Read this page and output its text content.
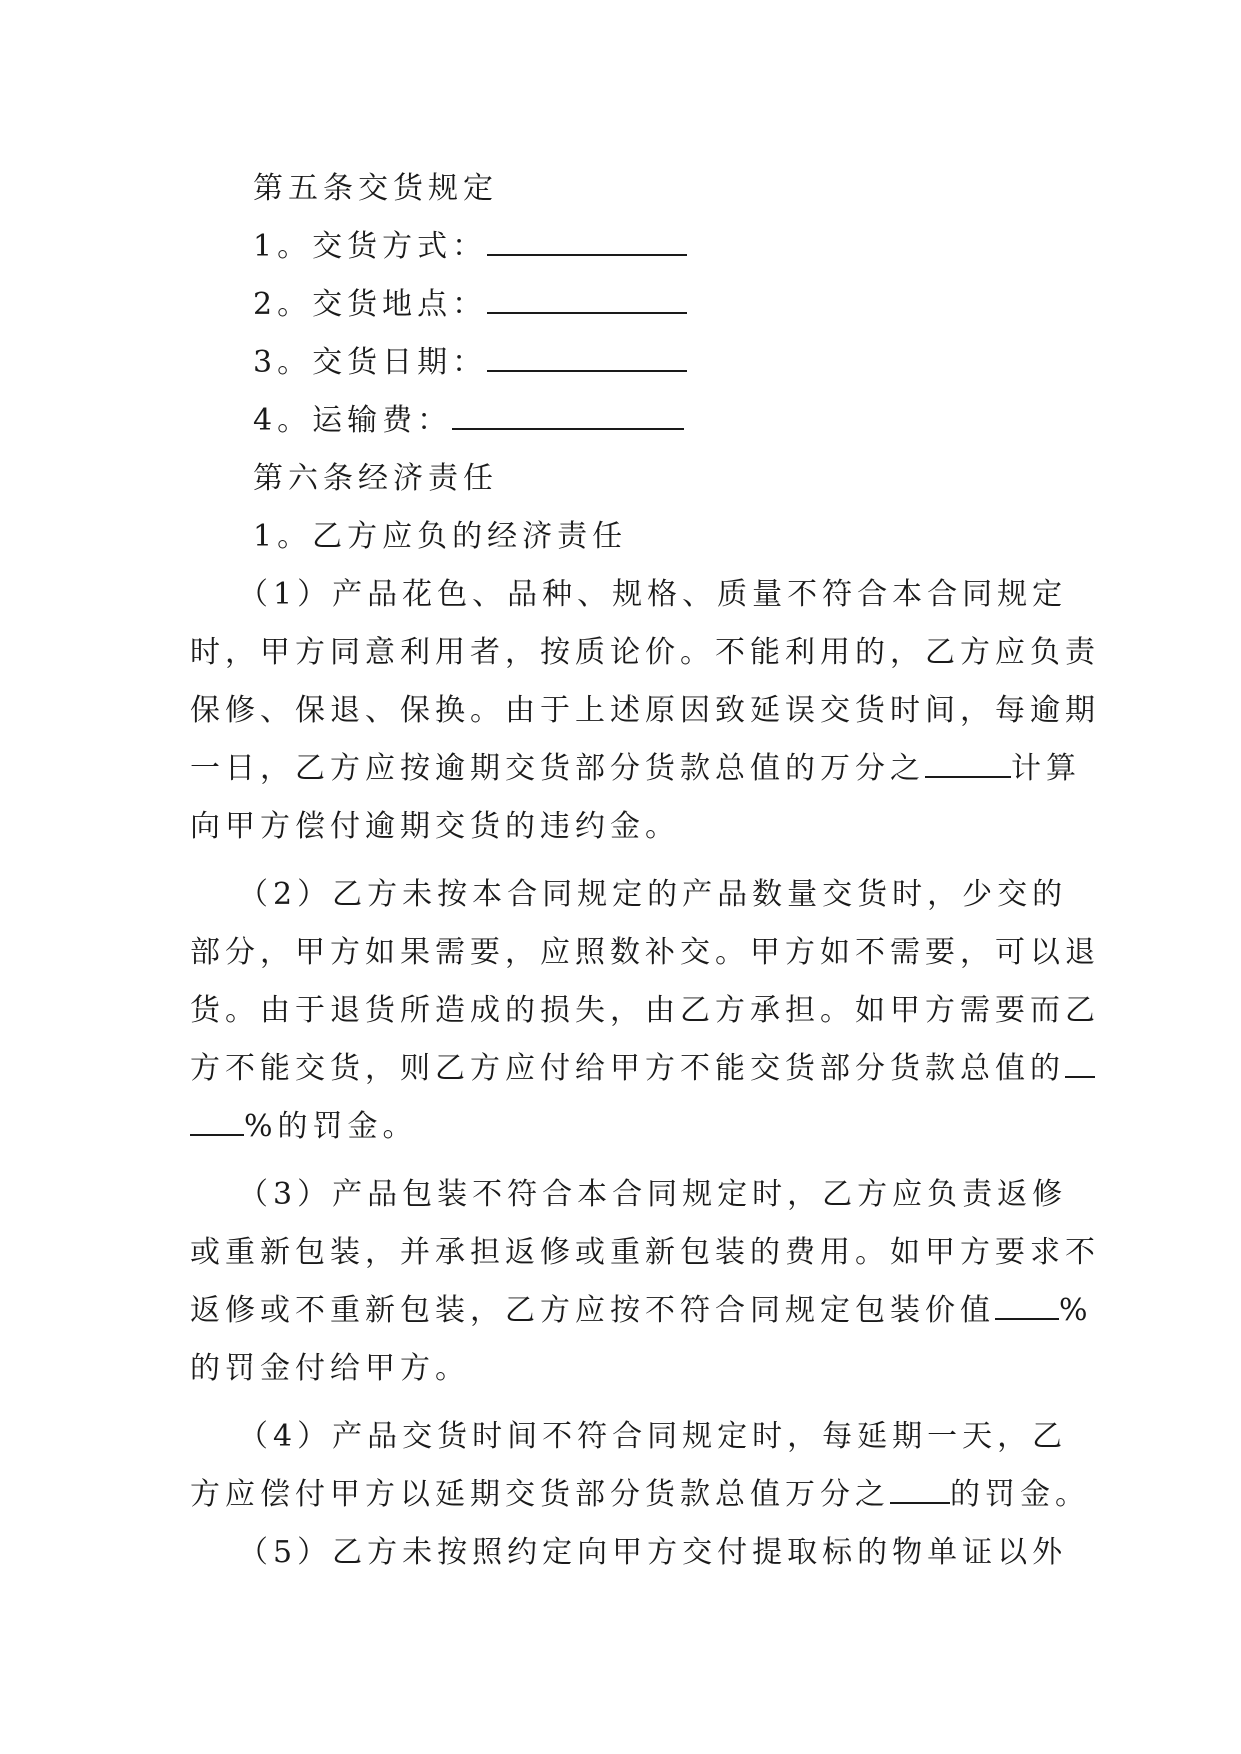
第五条交货规定
1。交货方式：
2。交货地点：
3。交货日期：
4。运输费：
第六条经济责任
1。乙方应负的经济责任
（1）产品花色、品种、规格、质量不符合本合同规定
时，甲方同意利用者，按质论价。不能利用的，乙方应负责
保修、保退、保换。由于上述原因致延误交货时间，每逾期
一日，乙方应按逾期交货部分货款总值的万分之	计算
向甲方偿付逾期交货的违约金。
（2）乙方未按本合同规定的产品数量交货时，少交的
部分，甲方如果需要，应照数补交。甲方如不需要，可以退
货。由于退货所造成的损失，由乙方承担。如甲方需要而乙
方不能交货，则乙方应付给甲方不能交货部分货款总值的
%的罚金。
（3）产品包装不符合本合同规定时，乙方应负责返修
或重新包装，并承担返修或重新包装的费用。如甲方要求不
返修或不重新包装，乙方应按不符合同规定包装价值 %
的罚金付给甲方。
（4）产品交货时间不符合同规定时，每延期一天，乙
方应偿付甲方以延期交货部分货款总值万分之 的罚金。
（5）乙方未按照约定向甲方交付提取标的物单证以外
